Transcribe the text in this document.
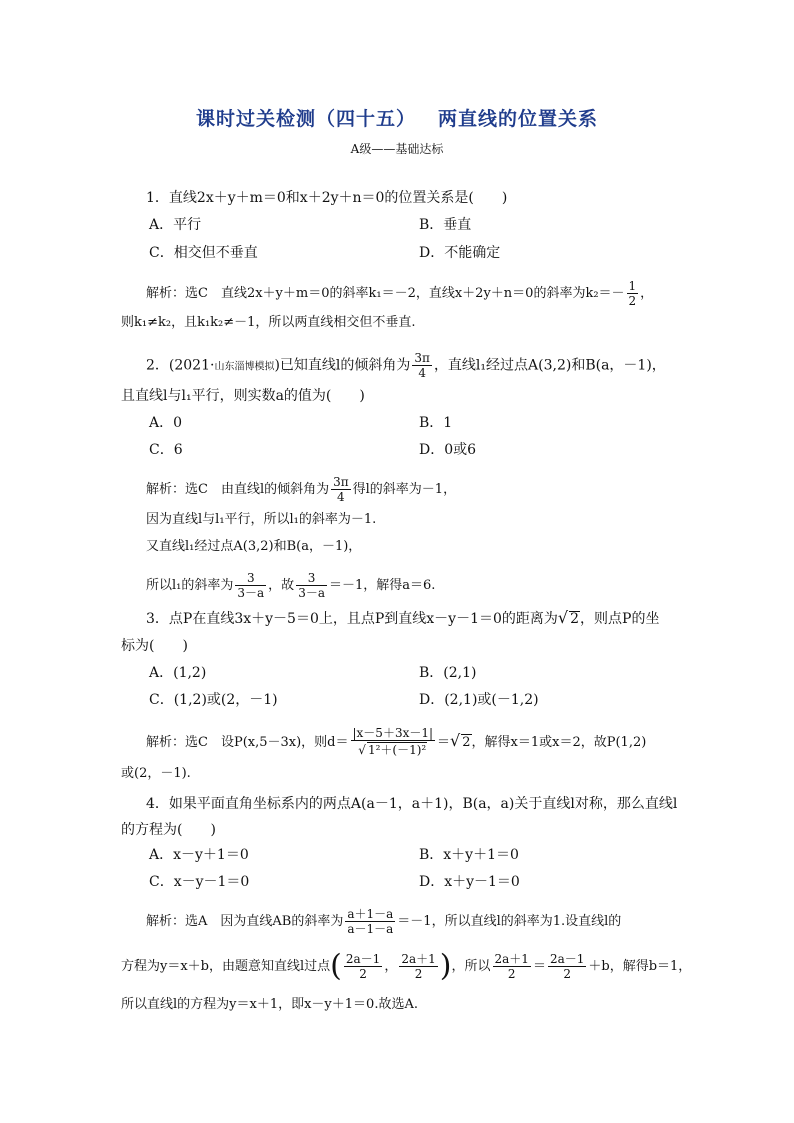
课时过关检测（四十五） 两直线的位置关系
A级——基础达标
1．直线2x＋y＋m＝0和x＋2y＋n＝0的位置关系是(　　)
A．平行	B．垂直
C．相交但不垂直	D．不能确定
解析：选C　直线2x＋y＋m＝0的斜率k₁＝－2，直线x＋2y＋n＝0的斜率为$k_2=- \frac{1}{2}$ ，
则k₁≠k₂，且k₁k₂≠－1，所以两直线相交但不垂直.
2．(2021·山东淄博模拟)已知直线l的倾斜角为 $\frac{3\pi}{4}$ ，直线l₁经过点A(3,2)和B(a，－1)，
且直线l与l₁平行，则实数a的值为(　　)
A．0	B．1
C．6	D．0或6
解析：选C　由直线l的倾斜角为 $\frac{3\pi}{4}$ 得l的斜率为－1，
因为直线l与l₁平行，所以l₁的斜率为－1.
又直线l₁经过点A(3,2)和B(a，－1)，
所以l₁的斜率为 $\frac{3}{3-a}$ ，故 $\frac{3}{3-a} =-1$，解得a＝6.
3．点P在直线3x＋y－5＝0上，且点P到直线x－y－1＝0的距离为√ 2，则点P的坐
标为(　　)
A．(1,2)	B．(2,1)
C．(1,2)或(2，－1)	D．(2,1)或(－1,2)
解析：选C　设P(x,5－3x)，则$d= \frac{|x-5+3x-1|}{\text{√ 1²＋(－1)²}}$ ＝√ 2，解得x＝1或x＝2，故P(1,2)
或(2，－1).
4．如果平面直角坐标系内的两点A(a－1，a＋1)，B(a，a)关于直线l对称，那么直线l
的方程为(　　)
A．x－y＋1＝0	B．x＋y＋1＝0
C．x－y－1＝0	D．x＋y－1＝0
解析：选A　因为直线AB的斜率为 $\frac{a+1-a}{a-1-a} =-1$，所以直线l的斜率为1.设直线l的
方程为y＝x＋b，由题意知直线l过点( $\frac{2a-1}{2}$ ， $\frac{2a+1}{2}$ )，所以 $\frac{2a+1}{2} = \frac{2a-1}{2} +b$，解得b＝1，
所以直线l的方程为y＝x＋1，即x－y＋1＝0.故选A.
